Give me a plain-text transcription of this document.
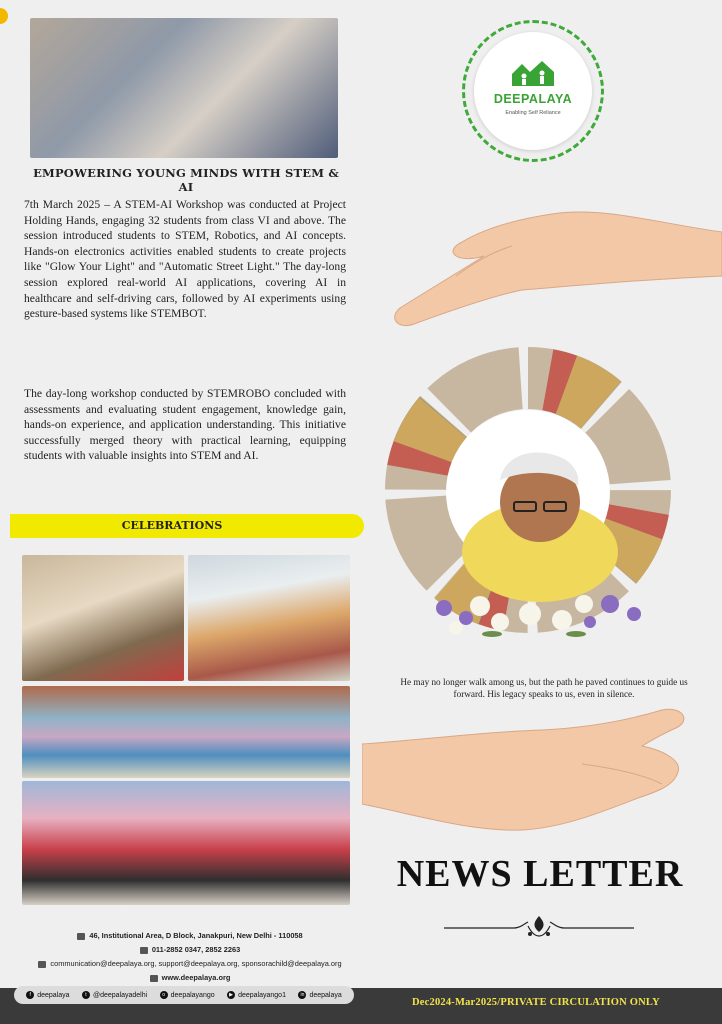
EMPOWERING YOUNG MINDS WITH STEM & AI

7th March 2025 – A STEM-AI Workshop was conducted at Project Holding Hands, engaging 32 students from class VI and above. The session introduced students to STEM, Robotics, and AI concepts. Hands-on electronics activities enabled students to create projects like "Glow Your Light" and "Automatic Street Light." The day-long session explored real-world AI applications, covering AI in healthcare and self-driving cars, followed by AI experiments using gesture-based systems like STEMBOT.

The day-long workshop conducted by STEMROBO concluded with assessments and evaluating student engagement, knowledge gain, hands-on experience, and application understanding. This initiative successfully merged theory with practical learning, equipping students with valuable insights into STEM and AI.

CELEBRATIONS
46, Institutional Area, D Block, Janakpuri, New Delhi - 110058
011-2852 0347, 2852 2263
communication@deepalaya.org, support@deepalaya.org, sponsorachild@deepalaya.org
www.deepalaya.org
f deepalaya	t @deepalayadelhi	o deepalayango	▶ deepalayango1	in deepalaya
Dec2024-Mar2025/PRIVATE CIRCULATION ONLY
DEEPALAYA
Enabling Self Reliance
He may no longer walk among us, but the path he paved continues to guide us forward. His legacy speaks to us, even in silence.
NEWS LETTER
